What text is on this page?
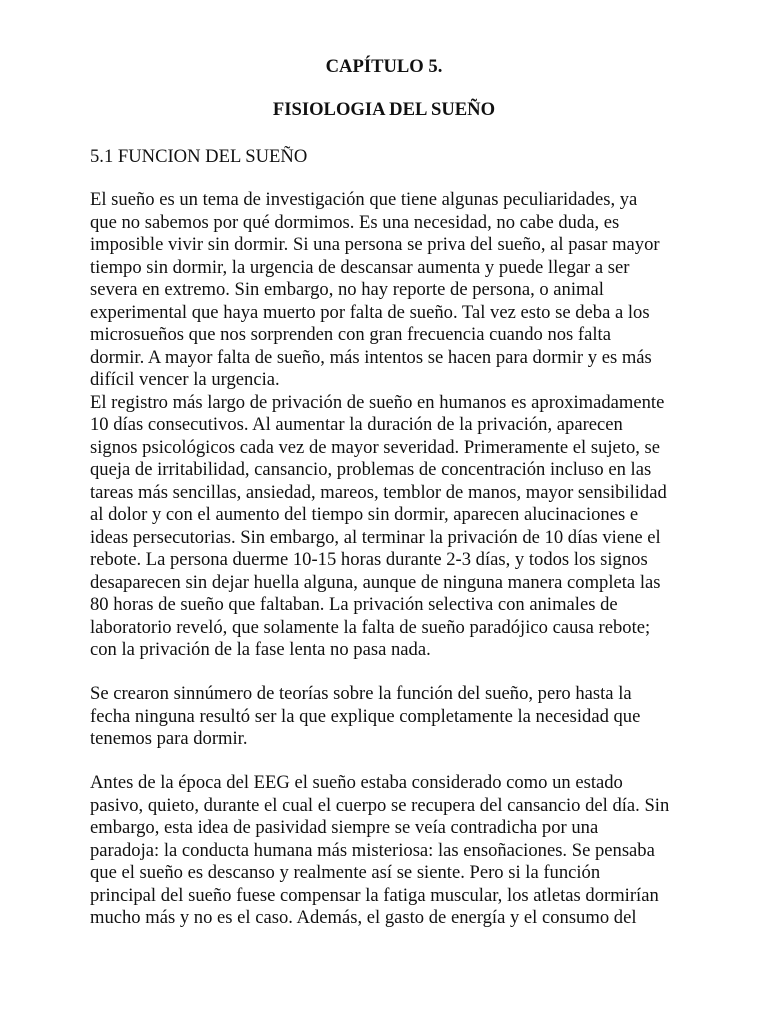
CAPÍTULO 5.
FISIOLOGIA DEL SUEÑO
5.1 FUNCION DEL SUEÑO
El sueño es un tema de investigación que tiene algunas peculiaridades, ya
que no sabemos por qué dormimos. Es una necesidad, no cabe duda, es
imposible vivir sin dormir. Si una persona se priva del sueño, al pasar mayor
tiempo sin dormir, la urgencia de descansar aumenta y puede llegar a ser
severa en extremo. Sin embargo, no hay reporte de persona, o animal
experimental que haya muerto por falta de sueño. Tal vez esto se deba a los
microsueños que nos sorprenden con gran frecuencia cuando nos falta
dormir. A mayor falta de sueño, más intentos se hacen para dormir y es más
difícil vencer la urgencia.
El registro más largo de privación de sueño en humanos es aproximadamente
10 días consecutivos. Al aumentar la duración de la privación, aparecen
signos psicológicos cada vez de mayor severidad. Primeramente el sujeto, se
queja de irritabilidad, cansancio, problemas de concentración incluso en las
tareas más sencillas, ansiedad, mareos, temblor de manos, mayor sensibilidad
al dolor y con el aumento del tiempo sin dormir, aparecen alucinaciones e
ideas persecutorias. Sin embargo, al terminar la privación de 10 días viene el
rebote. La persona duerme 10-15 horas durante 2-3 días, y todos los signos
desaparecen sin dejar huella alguna, aunque de ninguna manera completa las
80 horas de sueño que faltaban. La privación selectiva con animales de
laboratorio reveló, que solamente la falta de sueño paradójico causa rebote;
con la privación de la fase lenta no pasa nada.
Se crearon sinnúmero de teorías sobre la función del sueño, pero hasta la
fecha ninguna resultó ser la que explique completamente la necesidad que
tenemos para dormir.
Antes de la época del EEG el sueño estaba considerado como un estado
pasivo, quieto, durante el cual el cuerpo se recupera del cansancio del día. Sin
embargo, esta idea de pasividad siempre se veía contradicha por una
paradoja: la conducta humana más misteriosa: las ensoñaciones. Se pensaba
que el sueño es descanso y realmente así se siente. Pero si la función
principal del sueño fuese compensar la fatiga muscular, los atletas dormirían
mucho más y no es el caso. Además, el gasto de energía y el consumo del
